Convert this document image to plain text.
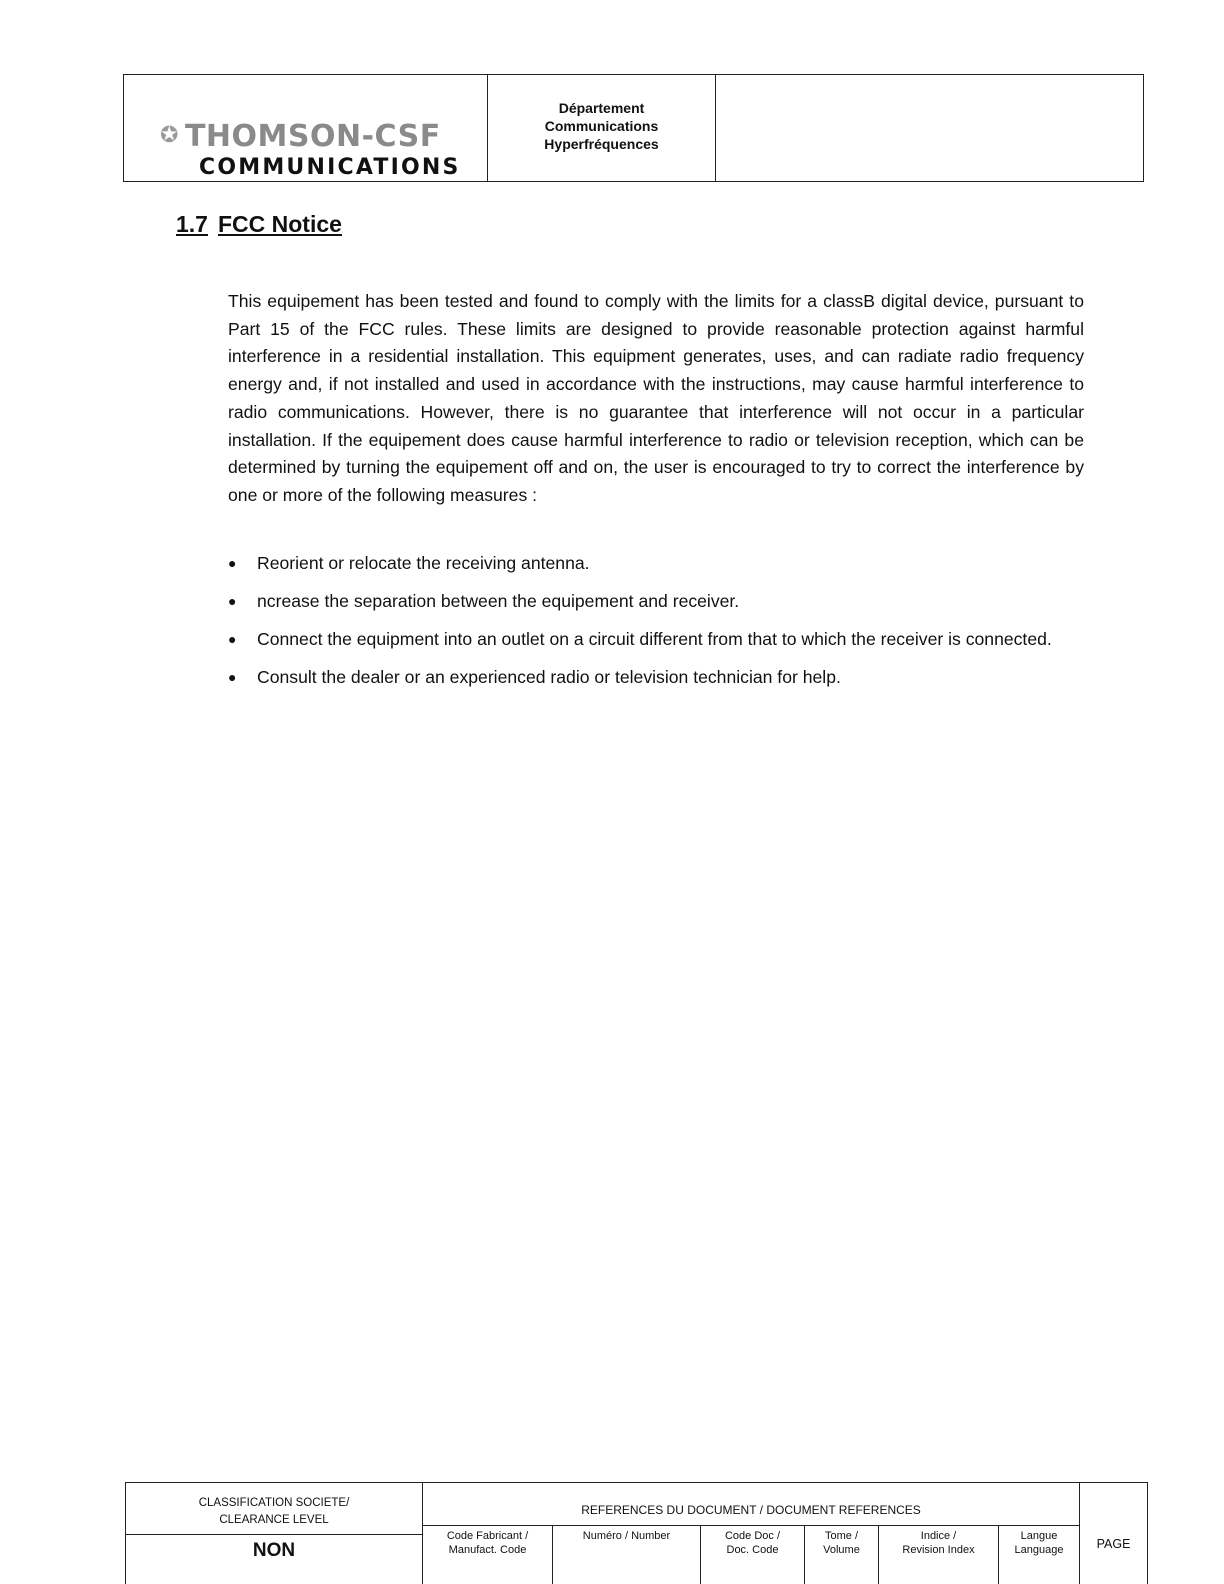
✪ THOMSON-CSF
COMMUNICATIONS
Département
Communications
Hyperfréquences
1.7 FCC Notice

This equipement has been tested and found to comply with the limits for a classB digital device, pursuant to Part 15 of the FCC rules. These limits are designed to provide reasonable protection against harmful interference in a residential installation. This equipment generates, uses, and can radiate radio frequency energy and, if not installed and used in accordance with the instructions, may cause harmful interference to radio communications. However, there is no guarantee that interference will not occur in a particular installation. If the equipement does cause harmful interference to radio or television reception, which can be determined by turning the equipement off and on, the user is encouraged to try to correct the interference by one or more of the following measures :

● Reorient or relocate the receiving antenna.
● ncrease the separation between the equipement and receiver.
● Connect the equipment into an outlet on a circuit different from that to which the receiver is connected.
● Consult the dealer or an experienced radio or television technician for help.
CLASSIFICATION SOCIETE/
CLEARANCE LEVEL
NON
REFERENCES DU DOCUMENT / DOCUMENT REFERENCES
Code Fabricant /
Manufact. Code
Numéro / Number	Code Doc /
Doc. Code
Tome /
Volume
Indice /
Revision Index
Langue
Language	PAGE
